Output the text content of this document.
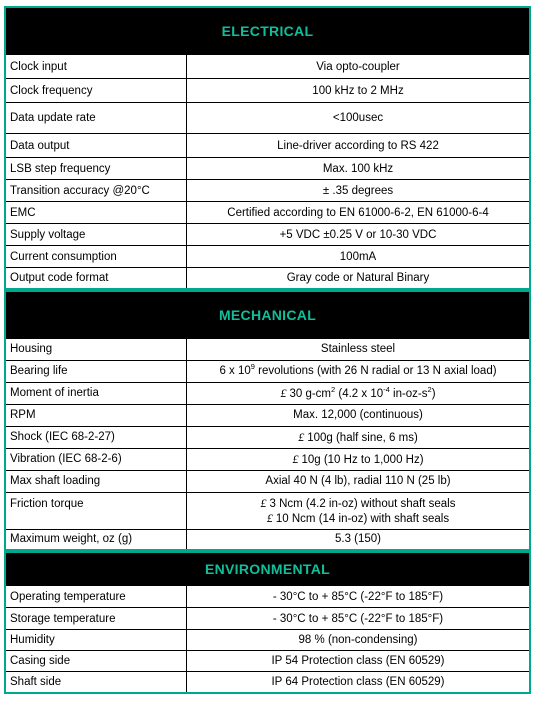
ELECTRICAL
Clock input	Via opto-coupler
Clock frequency	100 kHz to 2 MHz
Data update rate	<100usec
Data output	Line-driver according to RS 422
LSB step frequency	Max. 100 kHz
Transition accuracy @20°C	± .35 degrees
EMC	Certified according to EN 61000-6-2, EN 61000-6-4
Supply voltage	+5 VDC ±0.25 V or 10-30 VDC
Current consumption	100mA
Output code format	Gray code or Natural Binary
MECHANICAL
Housing	Stainless steel
Bearing life	6 x $10^9$ revolutions (with 26 N radial or 13 N axial load)
Moment of inertia	£ 30 $g-cm^2$ (4.2 x $10^{-4}$ $in-oz-s^2$)
RPM	Max. 12,000 (continuous)
Shock (IEC 68-2-27)	£ 100g (half sine, 6 ms)
Vibration (IEC 68-2-6)	£ 10g (10 Hz to 1,000 Hz)
Max shaft loading	Axial 40 N (4 lb), radial 110 N (25 lb)
Friction torque	£ 3 Ncm (4.2 in-oz) without shaft seals
£ 10 Ncm (14 in-oz) with shaft seals

Maximum weight, oz (g)	5.3 (150)
ENVIRONMENTAL
Operating temperature	- 30°C to + 85°C (-22°F to 185°F)
Storage temperature	- 30°C to + 85°C (-22°F to 185°F)
Humidity	98 % (non-condensing)
Casing side	IP 54 Protection class (EN 60529)
Shaft side	IP 64 Protection class (EN 60529)
